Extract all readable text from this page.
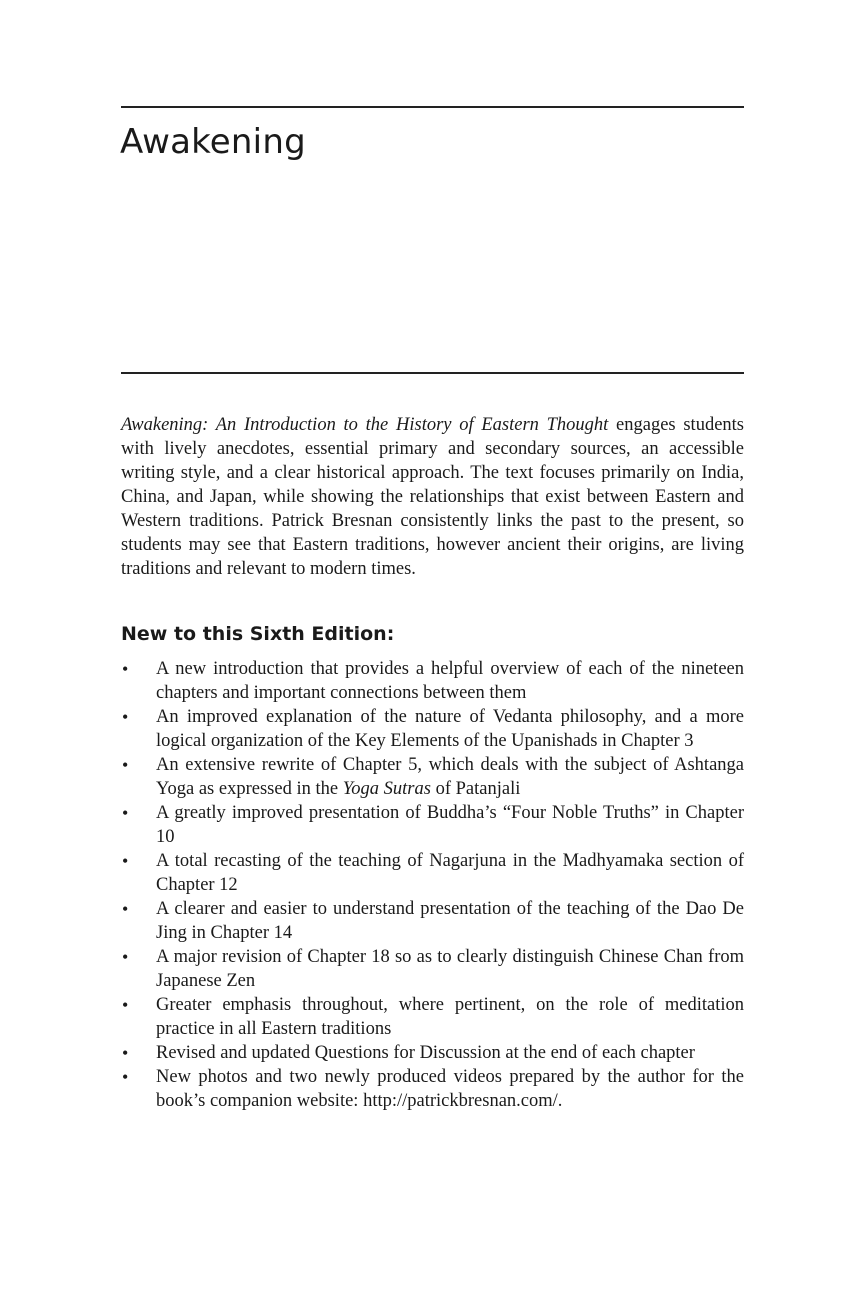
Awakening

Awakening: An Introduction to the History of Eastern Thought engages students with lively anecdotes, essential primary and secondary sources, an accessible writing style, and a clear historical approach. The text focuses primarily on India, China, and Japan, while showing the relationships that exist between Eastern and Western traditions. Patrick Bresnan consistently links the past to the present, so students may see that Eastern traditions, however ancient their origins, are living traditions and relevant to modern times.

New to this Sixth Edition:
• A new introduction that provides a helpful overview of each of the nineteen chapters and important connections between them
• An improved explanation of the nature of Vedanta philosophy, and a more logical organization of the Key Elements of the Upanishads in Chapter 3
• An extensive rewrite of Chapter 5, which deals with the subject of Ashtanga Yoga as expressed in the Yoga Sutras of Patanjali
• A greatly improved presentation of Buddha’s “Four Noble Truths” in Chapter 10
• A total recasting of the teaching of Nagarjuna in the Madhyamaka section of Chapter 12
• A clearer and easier to understand presentation of the teaching of the Dao De Jing in Chapter 14
• A major revision of Chapter 18 so as to clearly distinguish Chinese Chan from Japanese Zen
• Greater emphasis throughout, where pertinent, on the role of meditation practice in all Eastern traditions
• Revised and updated Questions for Discussion at the end of each chapter
• New photos and two newly produced videos prepared by the author for the book’s companion website: http://patrickbresnan.com/.
